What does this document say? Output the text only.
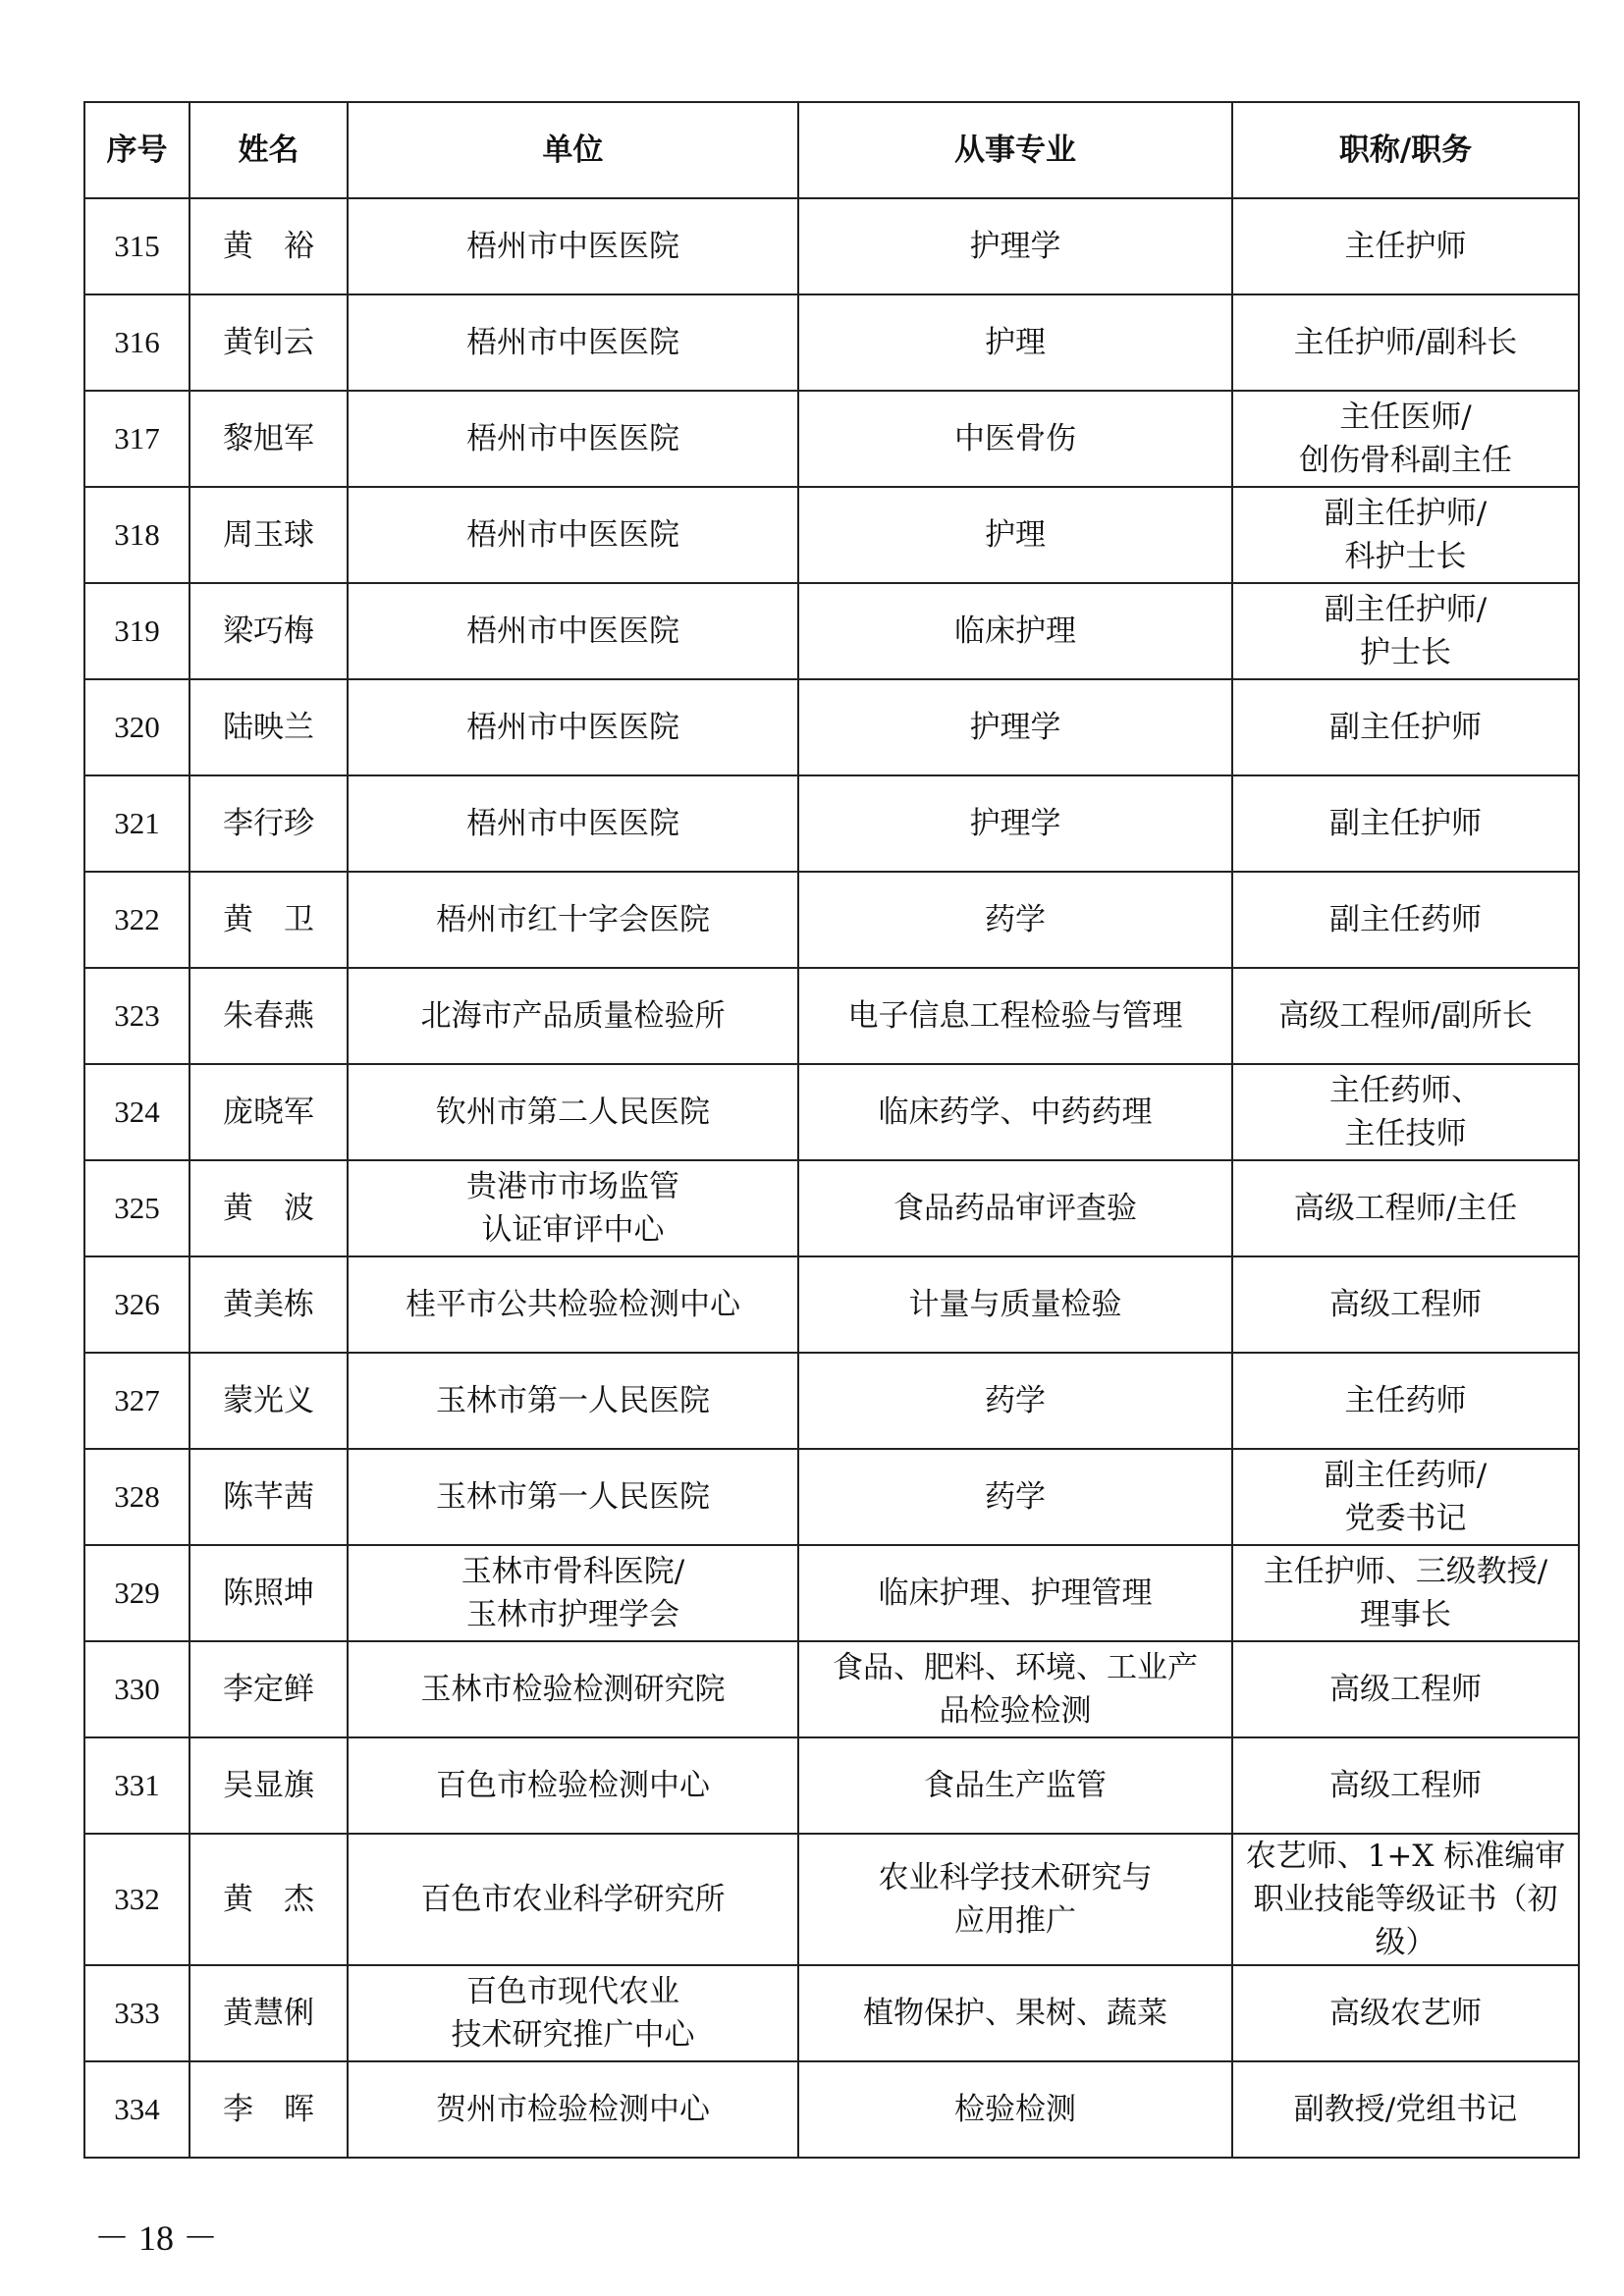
序号	姓名	单位	从事专业	职称/职务
315	黄　裕	梧州市中医医院	护理学	主任护师
316	黄钊云	梧州市中医医院	护理	主任护师/副科长
317	黎旭军	梧州市中医医院	中医骨伤	主任医师/
创伤骨科副主任
318	周玉球	梧州市中医医院	护理	副主任护师/
科护士长
319	梁巧梅	梧州市中医医院	临床护理	副主任护师/
护士长
320	陆映兰	梧州市中医医院	护理学	副主任护师
321	李行珍	梧州市中医医院	护理学	副主任护师
322	黄　卫	梧州市红十字会医院	药学	副主任药师
323	朱春燕	北海市产品质量检验所	电子信息工程检验与管理	高级工程师/副所长
324	庞晓军	钦州市第二人民医院	临床药学、中药药理	主任药师、
主任技师
325	黄　波	贵港市市场监管
认证审评中心	食品药品审评查验	高级工程师/主任
326	黄美栋	桂平市公共检验检测中心	计量与质量检验	高级工程师
327	蒙光义	玉林市第一人民医院	药学	主任药师
328	陈芊茜	玉林市第一人民医院	药学	副主任药师/
党委书记
329	陈照坤	玉林市骨科医院/
玉林市护理学会	临床护理、护理管理	主任护师、三级教授/
理事长
330	李定鲜	玉林市检验检测研究院	食品、肥料、环境、工业产
品检验检测	高级工程师
331	吴显旗	百色市检验检测中心	食品生产监管	高级工程师
332	黄　杰	百色市农业科学研究所	农业科学技术研究与
应用推广	农艺师、1+X 标准编审
职业技能等级证书（初
级）
333	黄慧俐	百色市现代农业
技术研究推广中心	植物保护、果树、蔬菜	高级农艺师
334	李　晖	贺州市检验检测中心	检验检测	副教授/党组书记
－ 18 －
